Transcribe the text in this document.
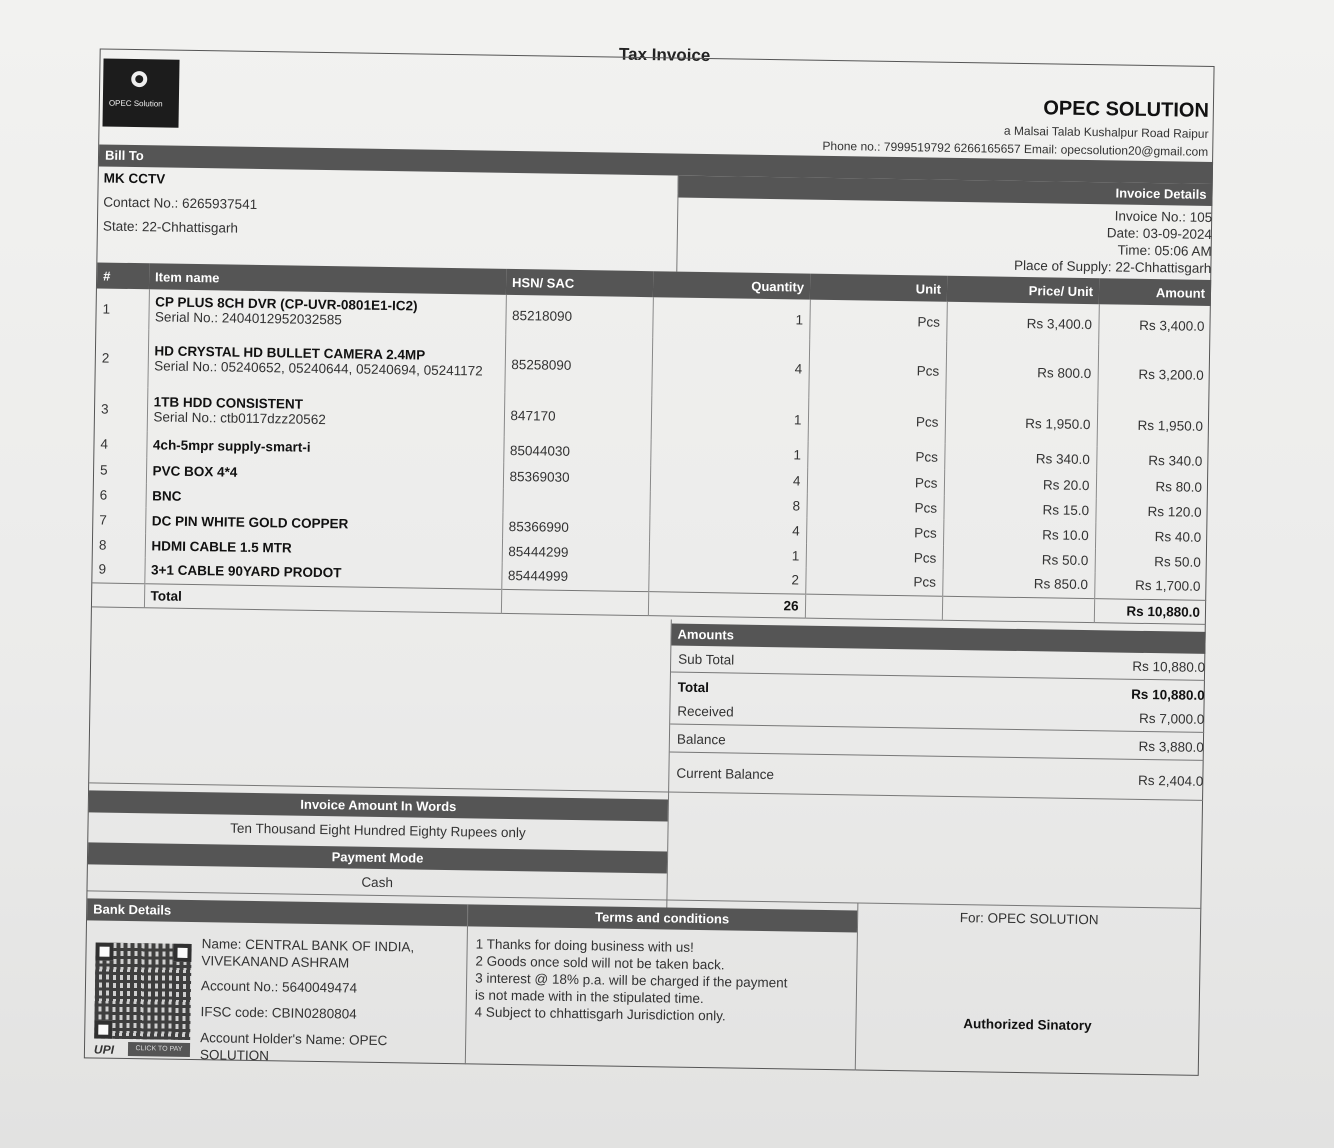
Tax Invoice
OPEC Solution	OPEC SOLUTION
a Malsai Talab Kushalpur Road Raipur
Phone no.: 7999519792 6266165657 Email: opecsolution20@gmail.com
Bill To
Invoice Details
MK CCTV
Contact No.: 6265937541
State: 22-Chhattisgarh
Invoice No.: 105
Date: 03-09-2024
Time: 05:06 AM
Place of Supply: 22-Chhattisgarh
#	Item name	HSN/ SAC	Quantity	Unit	Price/ Unit	Amount
1	CP PLUS 8CH DVR (CP-UVR-0801E1-IC2)
Serial No.: 2404012952032585	85218090	1	Pcs	Rs 3,400.0	Rs 3,400.0
2	HD CRYSTAL HD BULLET CAMERA 2.4MP
Serial No.: 05240652, 05240644, 05240694, 05241172	85258090	4	Pcs	Rs 800.0	Rs 3,200.0
3	1TB HDD CONSISTENT
Serial No.: ctb0117dzz20562	847170	1	Pcs	Rs 1,950.0	Rs 1,950.0
4	4ch-5mpr supply-smart-i	85044030	1	Pcs	Rs 340.0	Rs 340.0
5	PVC BOX 4*4	85369030	4	Pcs	Rs 20.0	Rs 80.0
6	BNC		8	Pcs	Rs 15.0	Rs 120.0
7	DC PIN WHITE GOLD COPPER	85366990	4	Pcs	Rs 10.0	Rs 40.0
8	HDMI CABLE 1.5 MTR	85444299	1	Pcs	Rs 50.0	Rs 50.0
9	3+1 CABLE 90YARD PRODOT	85444999	2	Pcs	Rs 850.0	Rs 1,700.0
	Total		26			Rs 10,880.0
Amounts
Sub Total	Rs 10,880.0
Total	Rs 10,880.0
Received	Rs 7,000.0
Balance	Rs 3,880.0
Current Balance	Rs 2,404.0
Invoice Amount In Words
Ten Thousand Eight Hundred Eighty Rupees only
Payment Mode
Cash
Bank Details	Terms and conditions
UPI	CLICK TO PAY
Name: CENTRAL BANK OF INDIA,
VIVEKANAND ASHRAM
Account No.: 5640049474
IFSC code: CBIN0280804
Account Holder's Name: OPEC
SOLUTION
1 Thanks for doing business with us!
2 Goods once sold will not be taken back.
3 interest @ 18% p.a. will be charged if the payment
is not made with in the stipulated time.
4 Subject to chhattisgarh Jurisdiction only.
For: OPEC SOLUTION
Authorized Sinatory
